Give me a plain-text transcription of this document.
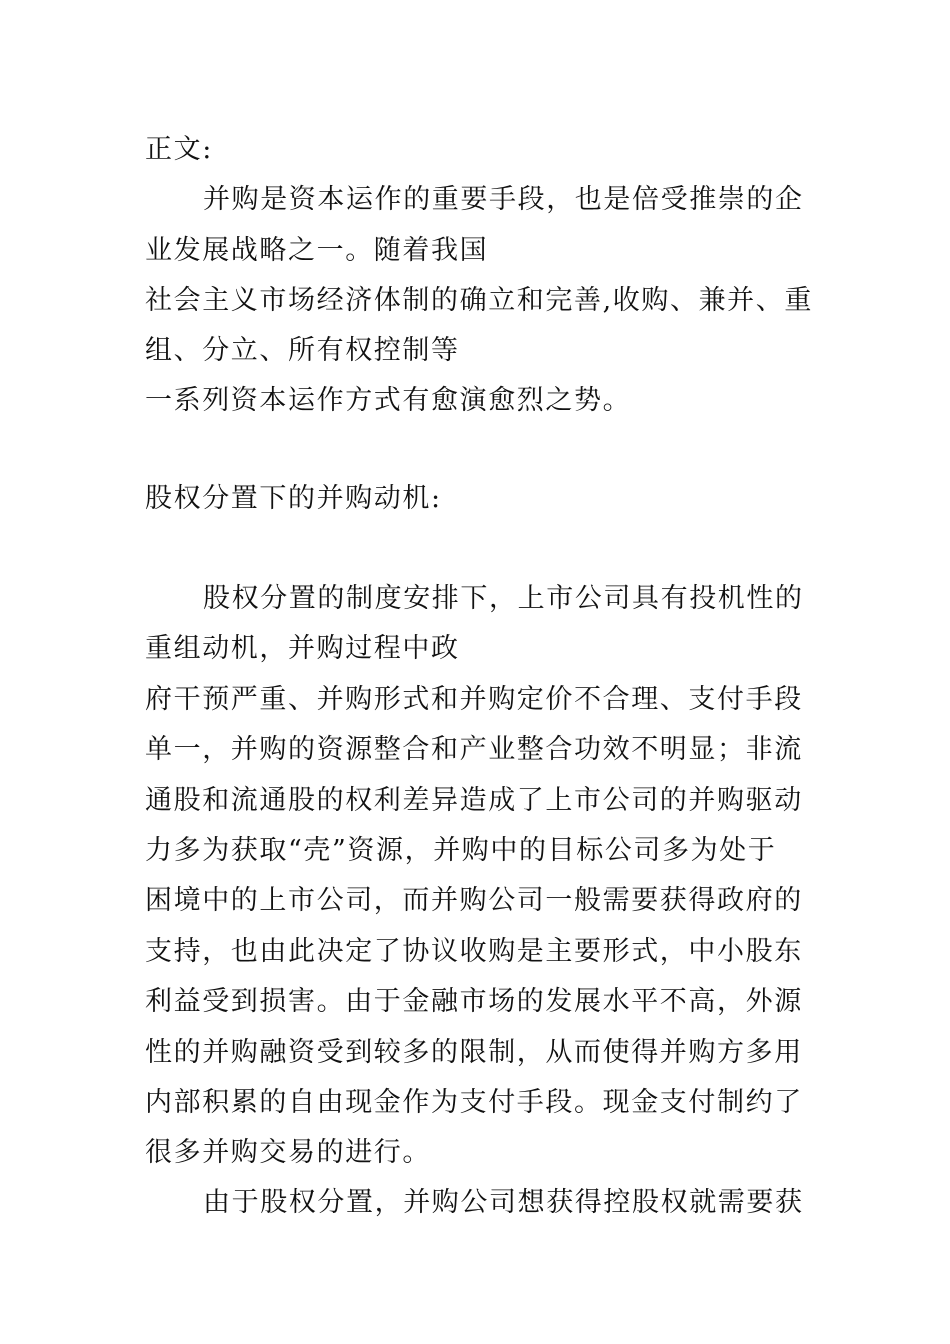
正文:
并购是资本运作的重要手段，也是倍受推崇的企
业发展战略之一。随着我国
社会主义市场经济体制的确立和完善,收购、兼并、重
组、分立、所有权控制等
一系列资本运作方式有愈演愈烈之势。
股权分置下的并购动机:
股权分置的制度安排下，上市公司具有投机性的
重组动机，并购过程中政
府干预严重、并购形式和并购定价不合理、支付手段
单一，并购的资源整合和产业整合功效不明显；非流
通股和流通股的权利差异造成了上市公司的并购驱动
力多为获取“壳”资源，并购中的目标公司多为处于
困境中的上市公司，而并购公司一般需要获得政府的
支持，也由此决定了协议收购是主要形式，中小股东
利益受到损害。由于金融市场的发展水平不高，外源
性的并购融资受到较多的限制，从而使得并购方多用
内部积累的自由现金作为支付手段。现金支付制约了
很多并购交易的进行。
由于股权分置，并购公司想获得控股权就需要获
